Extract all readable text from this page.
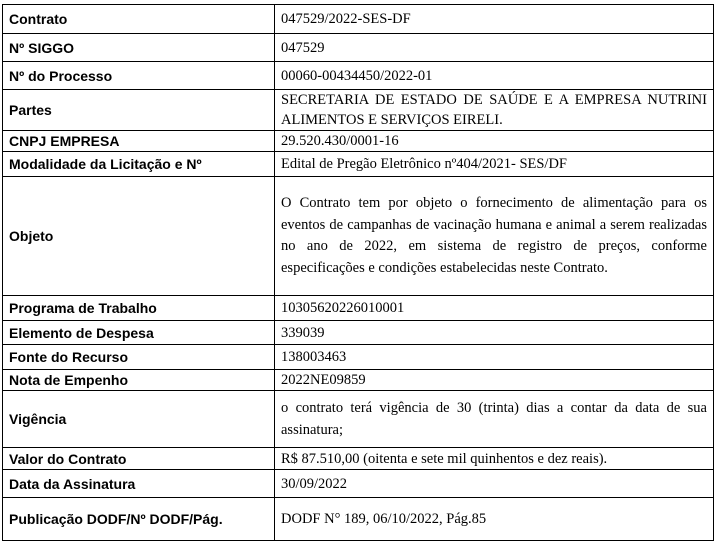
Contrato	047529/2022-SES-DF
Nº SIGGO	047529
Nº do Processo	00060-00434450/2022-01
Partes	SECRETARIA DE ESTADO DE SAÚDE E A EMPRESA NUTRINI ALIMENTOS E SERVIÇOS EIRELI.
CNPJ EMPRESA	29.520.430/0001-16
Modalidade da Licitação e Nº	Edital de Pregão Eletrônico nº404/2021- SES/DF
Objeto	O Contrato tem por objeto o fornecimento de alimentação para os eventos de campanhas de vacinação humana e animal a serem realizadas no ano de 2022, em sistema de registro de preços, conforme especificações e condições estabelecidas neste Contrato.
Programa de Trabalho	10305620226010001
Elemento de Despesa	339039
Fonte do Recurso	138003463
Nota de Empenho	2022NE09859
Vigência	o contrato terá vigência de 30 (trinta) dias a contar da data de sua assinatura;
Valor do Contrato	R$ 87.510,00 (oitenta e sete mil quinhentos e dez reais).
Data da Assinatura	30/09/2022
Publicação DODF/Nº DODF/Pág.	DODF N° 189, 06/10/2022, Pág.85
